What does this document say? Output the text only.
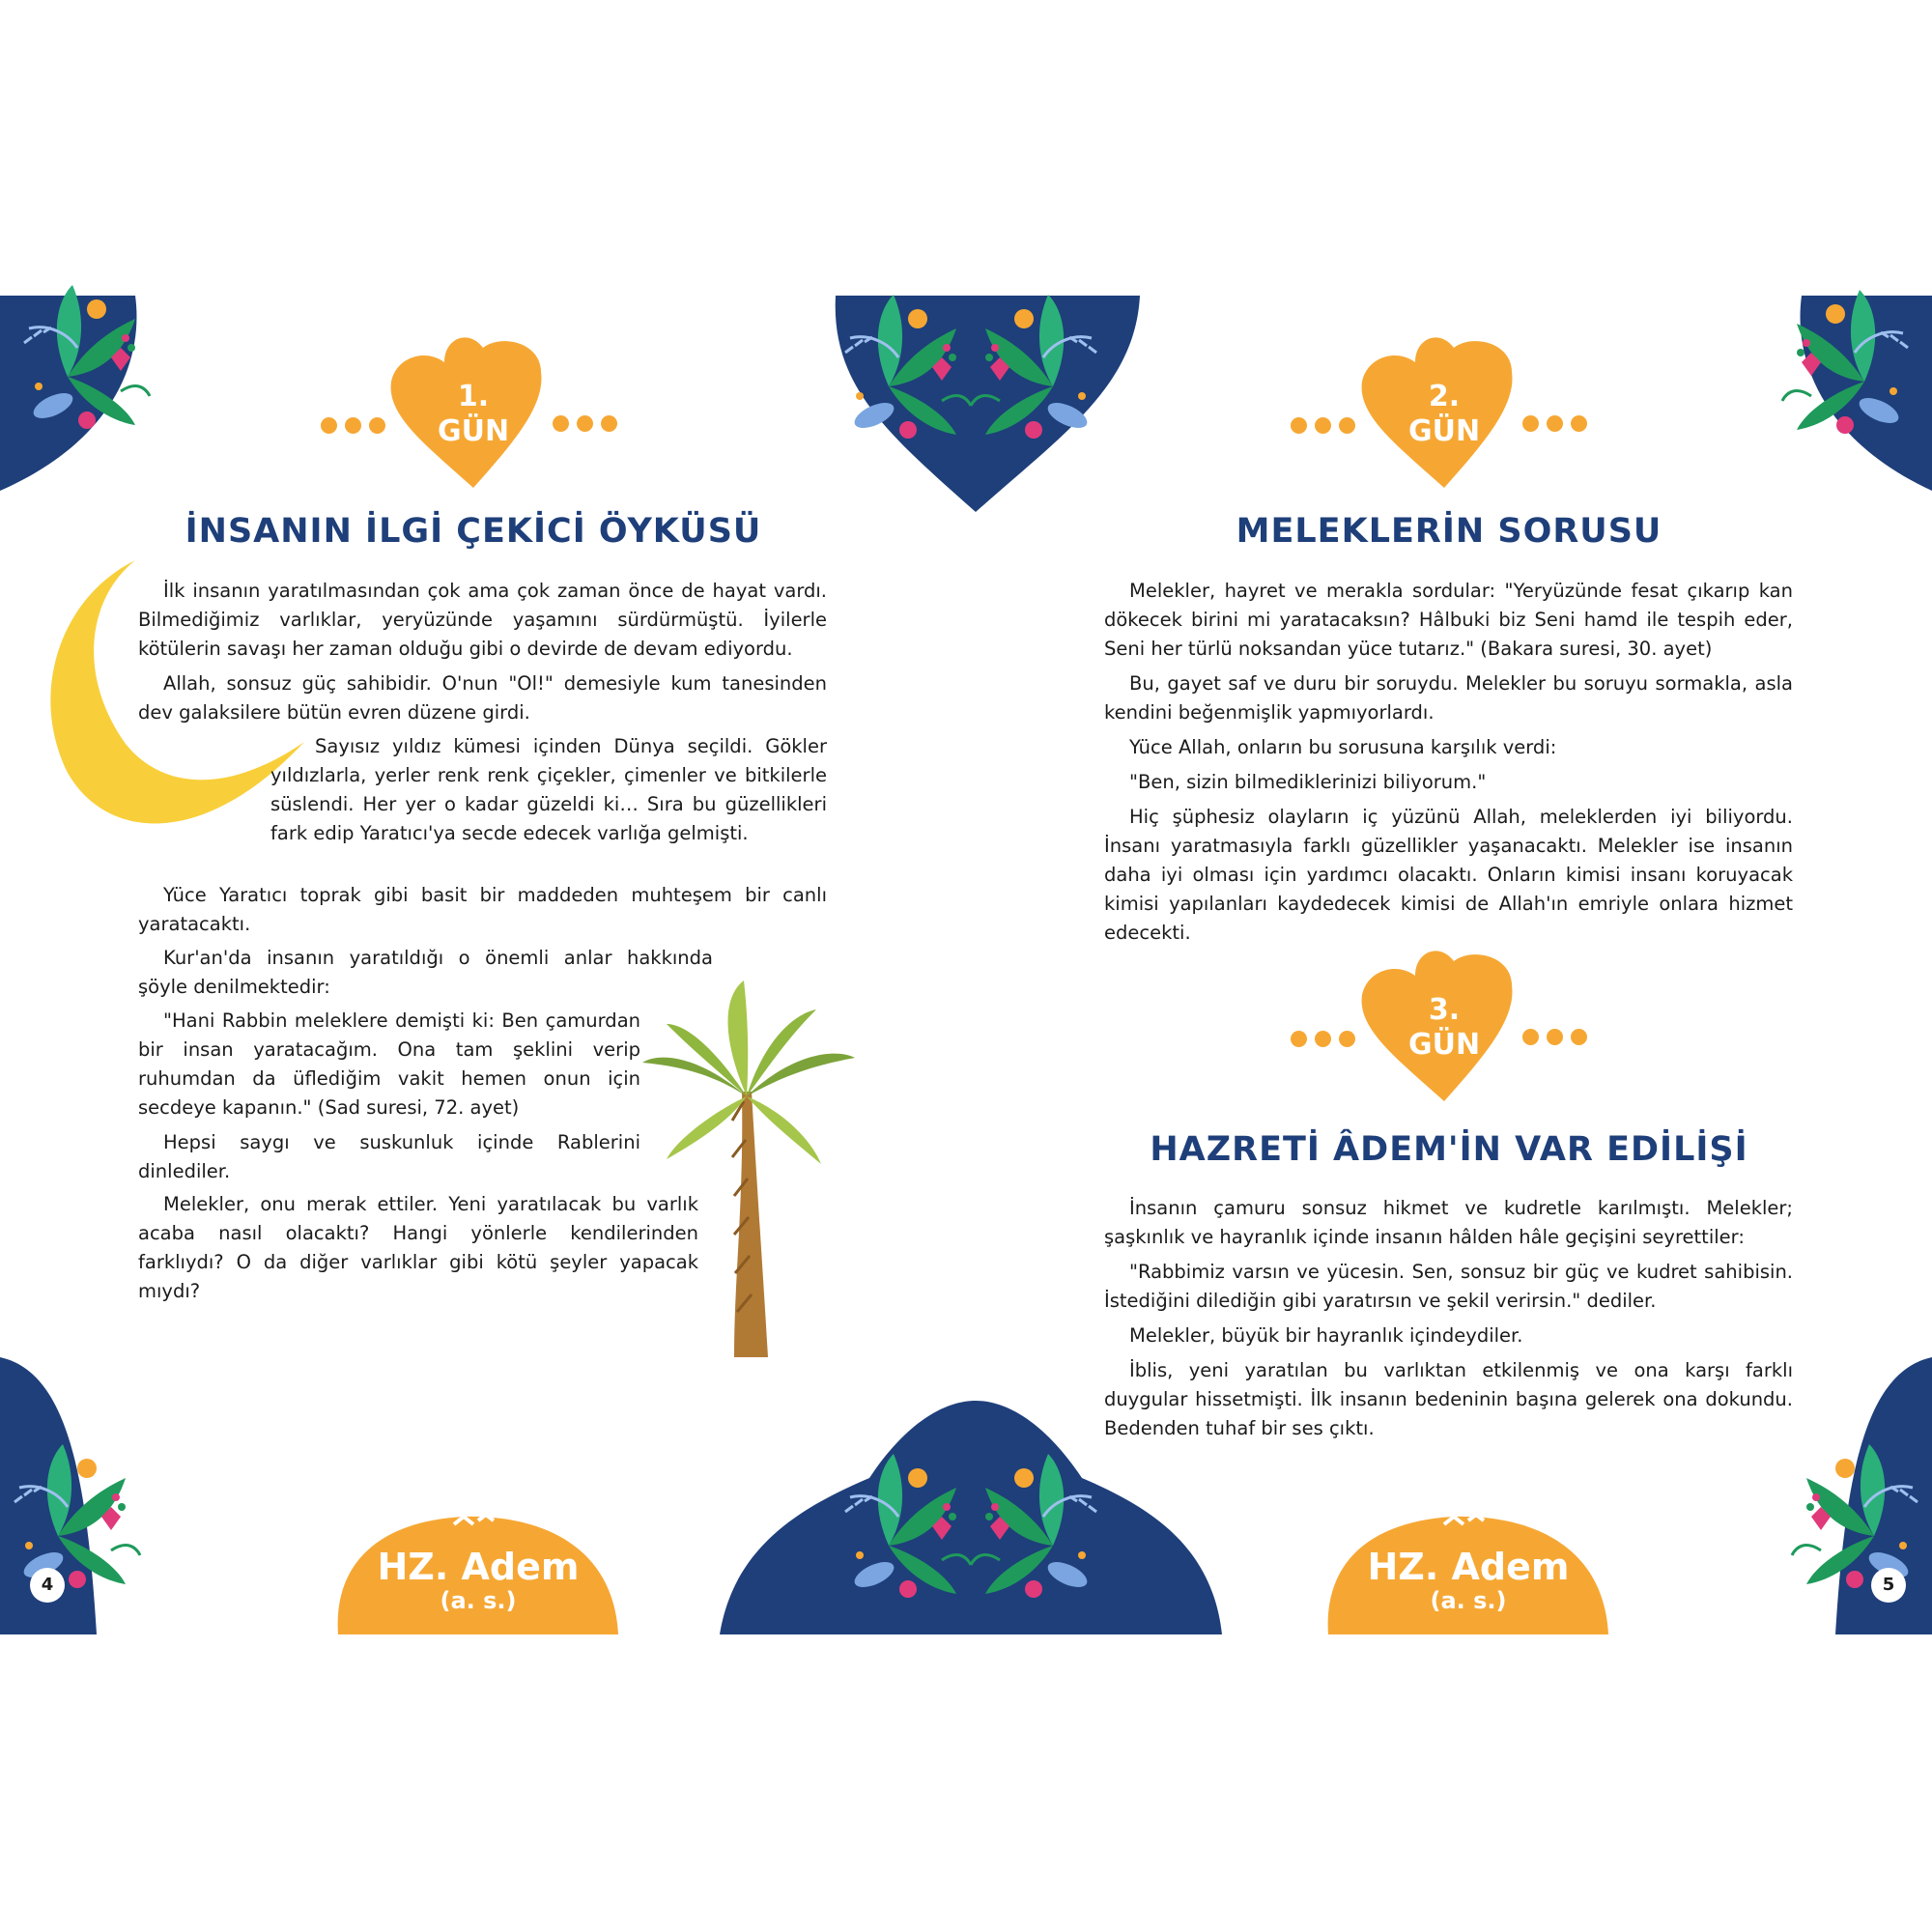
1.
GÜN
İNSANIN İLGİ ÇEKİCİ ÖYKÜSÜ

İlk insanın yaratılmasından çok ama çok zaman önce de hayat vardı. Bilmediğimiz varlıklar, yeryüzünde yaşamını sürdürmüştü. İyilerle kötülerin savaşı her zaman olduğu gibi o devirde de devam ediyordu.

Allah, sonsuz güç sahibidir. O'nun "Ol!" demesiyle kum tanesinden dev galaksilere bütün evren düzene girdi.

Sayısız yıldız kümesi içinden Dünya seçildi. Gökler yıldızlarla, yerler renk renk çiçekler, çimenler ve bitkilerle süslendi. Her yer o kadar güzeldi ki… Sıra bu güzellikleri fark edip Yaratıcı'ya secde edecek varlığa gelmişti.

Yüce Yaratıcı toprak gibi basit bir maddeden muhteşem bir canlı yaratacaktı.

Kur'an'da insanın yaratıldığı o önemli anlar hakkında şöyle denilmektedir:

"Hani Rabbin meleklere demişti ki: Ben çamurdan bir insan yaratacağım. Ona tam şeklini verip ruhumdan da üflediğim vakit hemen onun için secdeye kapanın." (Sad suresi, 72. ayet)

Hepsi saygı ve suskunluk içinde Rablerini dinlediler.

Melekler, onu merak ettiler. Yeni yaratılacak bu varlık acaba nasıl olacaktı? Hangi yönlerle kendilerinden farklıydı? O da diğer varlıklar gibi kötü şeyler yapacak mıydı?

HZ. Adem
(a. s.)
4
2.
GÜN
MELEKLERİN SORUSU

Melekler, hayret ve merakla sordular: "Yeryüzünde fesat çıkarıp kan dökecek birini mi yaratacaksın? Hâlbuki biz Seni hamd ile tespih eder, Seni her türlü noksandan yüce tutarız." (Bakara suresi, 30. ayet)

Bu, gayet saf ve duru bir soruydu. Melekler bu soruyu sormakla, asla kendini beğenmişlik yapmıyorlardı.

Yüce Allah, onların bu sorusuna karşılık verdi:

"Ben, sizin bilmediklerinizi biliyorum."

Hiç şüphesiz olayların iç yüzünü Allah, meleklerden iyi biliyordu. İnsanı yaratmasıyla farklı güzellikler yaşanacaktı. Melekler ise insanın daha iyi olması için yardımcı olacaktı. Onların kimisi insanı koruyacak kimisi yapılanları kaydedecek kimisi de Allah'ın emriyle onlara hizmet edecekti.

3.
GÜN
HAZRETİ ÂDEM'İN VAR EDİLİŞİ

İnsanın çamuru sonsuz hikmet ve kudretle karılmıştı. Melekler; şaşkınlık ve hayranlık içinde insanın hâlden hâle geçişini seyrettiler:

"Rabbimiz varsın ve yücesin. Sen, sonsuz bir güç ve kudret sahibisin. İstediğini dilediğin gibi yaratırsın ve şekil verirsin." dediler.

Melekler, büyük bir hayranlık içindeydiler.

İblis, yeni yaratılan bu varlıktan etkilenmiş ve ona karşı farklı duygular hissetmişti. İlk insanın bedeninin başına gelerek ona dokundu. Bedenden tuhaf bir ses çıktı.

HZ. Adem
(a. s.)
5
